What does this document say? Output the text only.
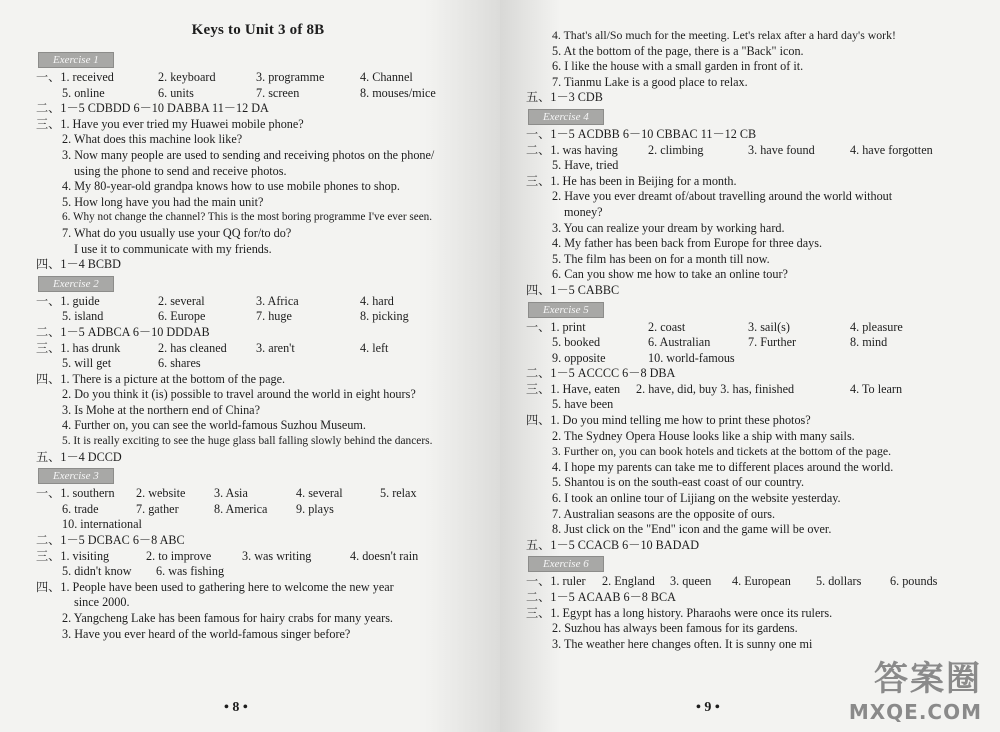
Keys to Unit 3 of 8B
Exercise 1
一、1. received	2. keyboard	3. programme	4. Channel
5. online	6. units	7. screen	8. mouses/mice
二、1－5 CDBDD 6－10 DABBA 11－12 DA
三、1. Have you ever tried my Huawei mobile phone?
2. What does this machine look like?
3. Now many people are used to sending and receiving photos on the phone/
using the phone to send and receive photos.
4. My 80-year-old grandpa knows how to use mobile phones to shop.
5. How long have you had the main unit?
6. Why not change the channel? This is the most boring programme I've ever seen.
7. What do you usually use your QQ for/to do?
I use it to communicate with my friends.
四、1－4 BCBD
Exercise 2
一、1. guide	2. several	3. Africa	4. hard
5. island	6. Europe	7. huge	8. picking
二、1－5 ADBCA 6－10 DDDAB
三、1. has drunk	2. has cleaned	3. aren't	4. left
5. will get	6. shares
四、1. There is a picture at the bottom of the page.
2. Do you think it (is) possible to travel around the world in eight hours?
3. Is Mohe at the northern end of China?
4. Further on, you can see the world-famous Suzhou Museum.
5. It is really exciting to see the huge glass ball falling slowly behind the dancers.
五、1－4 DCCD
Exercise 3
一、1. southern	2. website	3. Asia	4. several	5. relax
6. trade	7. gather	8. America	9. plays
10. international
二、1－5 DCBAC 6－8 ABC
三、1. visiting	2. to improve	3. was writing	4. doesn't rain
5. didn't know	6. was fishing
四、1. People have been used to gathering here to welcome the new year
since 2000.
2. Yangcheng Lake has been famous for hairy crabs for many years.
3. Have you ever heard of the world-famous singer before?
• 8 •
4. That's all/So much for the meeting. Let's relax after a hard day's work!
5. At the bottom of the page, there is a "Back" icon.
6. I like the house with a small garden in front of it.
7. Tianmu Lake is a good place to relax.
五、1－3 CDB
Exercise 4
一、1－5 ACDBB 6－10 CBBAC 11－12 CB
二、1. was having	2. climbing	3. have found	4. have forgotten
5. Have, tried
三、1. He has been in Beijing for a month.
2. Have you ever dreamt of/about travelling around the world without
money?
3. You can realize your dream by working hard.
4. My father has been back from Europe for three days.
5. The film has been on for a month till now.
6. Can you show me how to take an online tour?
四、1－5 CABBC
Exercise 5
一、1. print	2. coast	3. sail(s)	4. pleasure
5. booked	6. Australian	7. Further	8. mind
9. opposite	10. world-famous
二、1－5 ACCCC 6－8 DBA
三、1. Have, eaten	2. have, did, buy 3. has, finished	4. To learn
5. have been
四、1. Do you mind telling me how to print these photos?
2. The Sydney Opera House looks like a ship with many sails.
3. Further on, you can book hotels and tickets at the bottom of the page.
4. I hope my parents can take me to different places around the world.
5. Shantou is on the south-east coast of our country.
6. I took an online tour of Lijiang on the website yesterday.
7. Australian seasons are the opposite of ours.
8. Just click on the "End" icon and the game will be over.
五、1－5 CCACB 6－10 BADAD
Exercise 6
一、1. ruler	2. England	3. queen	4. European	5. dollars	6. pounds
二、1－5 ACAAB 6－8 BCA
三、1. Egypt has a long history. Pharaohs were once its rulers.
2. Suzhou has always been famous for its gardens.
3. The weather here changes often. It is sunny one mi
• 9 •
答案圈
MXQE.COM
